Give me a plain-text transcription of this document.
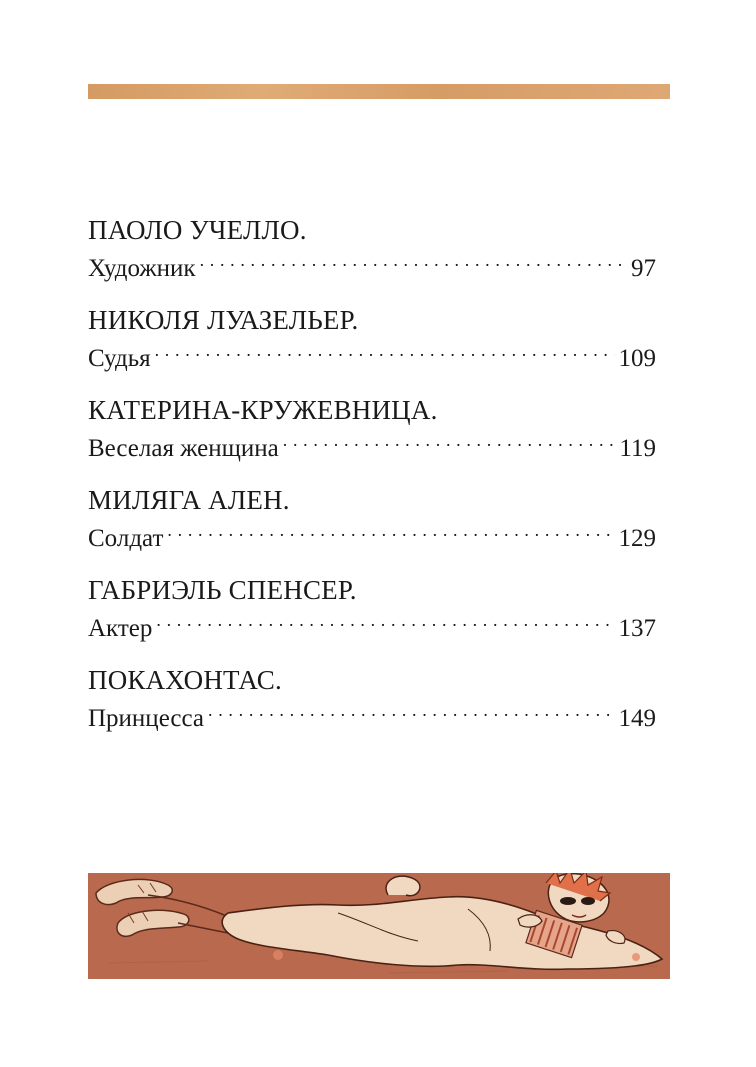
ПАОЛО УЧЕЛЛО.
Художник . . .	97
НИКОЛЯ ЛУАЗЕЛЬЕР.
Судья . . .	109
КАТЕРИНА-КРУЖЕВНИЦА.
Веселая женщина . . .	119
МИЛЯГА АЛЕН.
Солдат . . .	129
ГАБРИЭЛЬ СПЕНСЕР.
Актер . . .	137
ПОКАХОНТАС.
Принцесса . . .	149
